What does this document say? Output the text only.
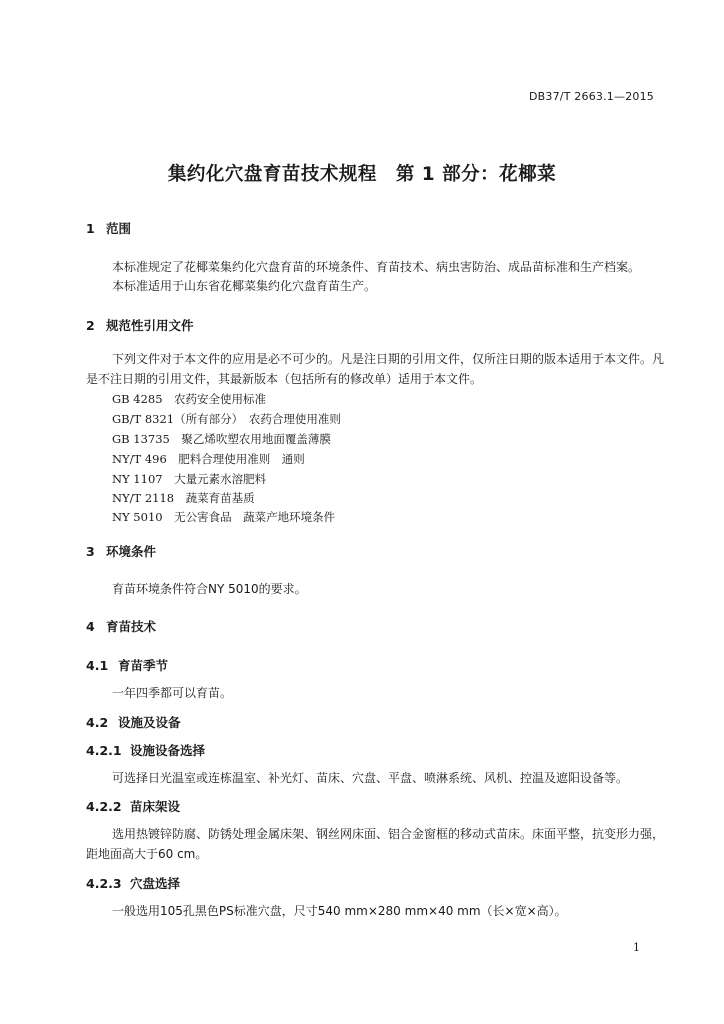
DB37/T 2663.1—2015
集约化穴盘育苗技术规程　第 1 部分：花椰菜
1 范围
本标准规定了花椰菜集约化穴盘育苗的环境条件、育苗技术、病虫害防治、成品苗标准和生产档案。
本标准适用于山东省花椰菜集约化穴盘育苗生产。
2 规范性引用文件
下列文件对于本文件的应用是必不可少的。凡是注日期的引用文件，仅所注日期的版本适用于本文件。凡是不注日期的引用文件，其最新版本（包括所有的修改单）适用于本文件。
GB 4285　农药安全使用标准
GB/T 8321（所有部分）　农药合理使用准则
GB 13735　聚乙烯吹塑农用地面覆盖薄膜
NY/T 496　肥料合理使用准则　通则
NY 1107　大量元素水溶肥料
NY/T 2118　蔬菜育苗基质
NY 5010　无公害食品　蔬菜产地环境条件
3 环境条件
育苗环境条件符合NY 5010的要求。
4 育苗技术
4.1 育苗季节
一年四季都可以育苗。
4.2 设施及设备
4.2.1 设施设备选择
可选择日光温室或连栋温室、补光灯、苗床、穴盘、平盘、喷淋系统、风机、控温及遮阳设备等。
4.2.2 苗床架设
选用热镀锌防腐、防锈处理金属床架、钢丝网床面、铝合金窗框的移动式苗床。床面平整，抗变形力强，距地面高大于60 cm。
4.2.3 穴盘选择
一般选用105孔黑色PS标准穴盘，尺寸540 mm×280 mm×40 mm（长×宽×高）。
1
